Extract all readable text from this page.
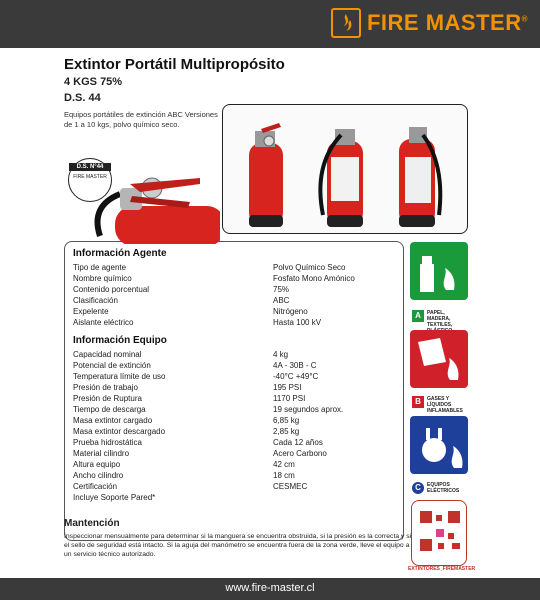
FIRE MASTER®
Extintor Portátil Multipropósito
4 KGS 75%
D.S. 44
Equipos portátiles de extinción ABC Versiones de 1 a 10 kgs, polvo químico seco.
D.S. N°44
FIRE MASTER
Información Agente
Tipo de agente	Polvo Químico Seco
Nombre químico	Fosfato Mono Amónico
Contenido porcentual	75%
Clasificación	ABC
Expelente	Nitrógeno
Aislante eléctrico	Hasta 100 kV
Información Equipo
Capacidad nominal	4 kg
Potencial de extinción	4A - 30B - C
Temperatura límite de uso	-40°C +49°C
Presión de trabajo	195 PSI
Presión de Ruptura	1170 PSI
Tiempo de descarga	19 segundos aprox.
Masa extintor cargado	6,85 kg
Masa extintor descargado	2,85 kg
Prueba hidrostática	Cada 12 años
Material cilindro	Acero Carbono
Altura equipo	42 cm
Ancho cilindro	18 cm
Certificación	CESMEC
Incluye Soporte Pared*
Mantención
Inspeccionar mensualmente para determinar si la manguera se encuentra obstruida, si la presión es la correcta y si el sello de seguridad está intacto. Si la aguja del manómetro se encuentra fuera de la zona verde, lleve el equipo a un servicio técnico autorizado.
A	PAPEL, MADERA, TEXTILES,
B	GASES Y LÍQUIDOS INFLAMABLES
C	EQUIPOS ELÉCTRICOS
EXTINTORES_FIREMASTER
www.fire-master.cl
